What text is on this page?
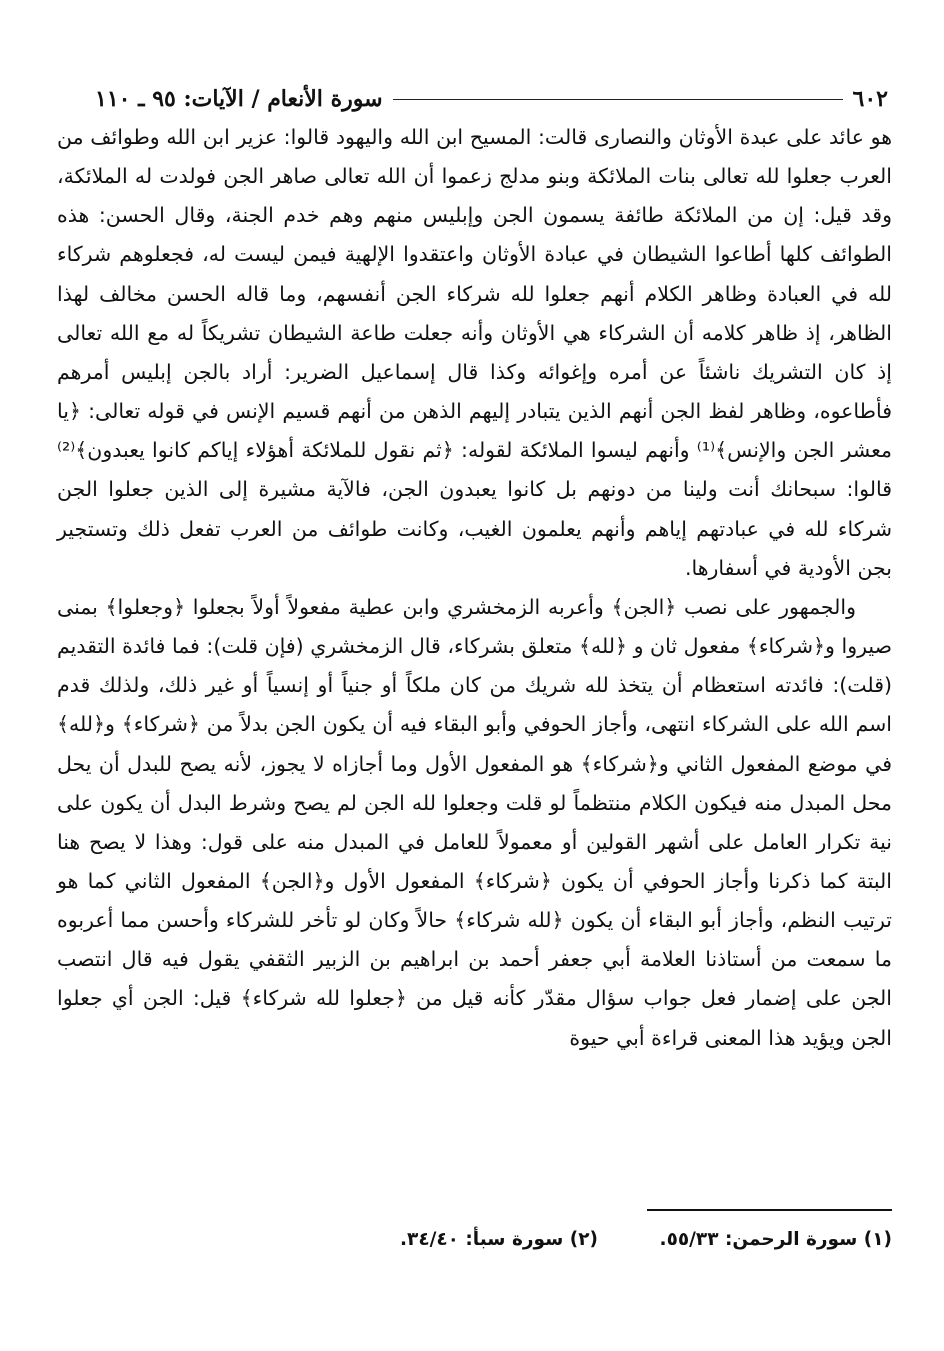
٦٠٢
سورة الأنعام / الآيات: ٩٥ ـ ١١٠

هو عائد على عبدة الأوثان والنصارى قالت: المسيح ابن الله واليهود قالوا: عزير ابن الله وطوائف من العرب جعلوا لله تعالى بنات الملائكة وبنو مدلج زعموا أن الله تعالى صاهر الجن فولدت له الملائكة، وقد قيل: إن من الملائكة طائفة يسمون الجن وإبليس منهم وهم خدم الجنة، وقال الحسن: هذه الطوائف كلها أطاعوا الشيطان في عبادة الأوثان واعتقدوا الإلهية فيمن ليست له، فجعلوهم شركاء لله في العبادة وظاهر الكلام أنهم جعلوا لله شركاء الجن أنفسهم، وما قاله الحسن مخالف لهذا الظاهر، إذ ظاهر كلامه أن الشركاء هي الأوثان وأنه جعلت طاعة الشيطان تشريكاً له مع الله تعالى إذ كان التشريك ناشئاً عن أمره وإغوائه وكذا قال إسماعيل الضرير: أراد بالجن إبليس أمرهم فأطاعوه، وظاهر لفظ الجن أنهم الذين يتبادر إليهم الذهن من أنهم قسيم الإنس في قوله تعالى: ﴿يا معشر الجن والإنس﴾⁽¹⁾ وأنهم ليسوا الملائكة لقوله: ﴿ثم نقول للملائكة أهؤلاء إياكم كانوا يعبدون﴾⁽²⁾ قالوا: سبحانك أنت ولينا من دونهم بل كانوا يعبدون الجن، فالآية مشيرة إلى الذين جعلوا الجن شركاء لله في عبادتهم إياهم وأنهم يعلمون الغيب، وكانت طوائف من العرب تفعل ذلك وتستجير بجن الأودية في أسفارها.

والجمهور على نصب ﴿الجن﴾ وأعربه الزمخشري وابن عطية مفعولاً أولاً بجعلوا ﴿وجعلوا﴾ بمنى صيروا و﴿شركاء﴾ مفعول ثان و ﴿لله﴾ متعلق بشركاء، قال الزمخشري (فإن قلت): فما فائدة التقديم (قلت): فائدته استعظام أن يتخذ لله شريك من كان ملكاً أو جنياً أو إنسياً أو غير ذلك، ولذلك قدم اسم الله على الشركاء انتهى، وأجاز الحوفي وأبو البقاء فيه أن يكون الجن بدلاً من ﴿شركاء﴾ و﴿لله﴾ في موضع المفعول الثاني و﴿شركاء﴾ هو المفعول الأول وما أجازاه لا يجوز، لأنه يصح للبدل أن يحل محل المبدل منه فيكون الكلام منتظماً لو قلت وجعلوا لله الجن لم يصح وشرط البدل أن يكون على نية تكرار العامل على أشهر القولين أو معمولاً للعامل في المبدل منه على قول: وهذا لا يصح هنا البتة كما ذكرنا وأجاز الحوفي أن يكون ﴿شركاء﴾ المفعول الأول و﴿الجن﴾ المفعول الثاني كما هو ترتيب النظم، وأجاز أبو البقاء أن يكون ﴿لله شركاء﴾ حالاً وكان لو تأخر للشركاء وأحسن مما أعربوه ما سمعت من أستاذنا العلامة أبي جعفر أحمد بن ابراهيم بن الزبير الثقفي يقول فيه قال انتصب الجن على إضمار فعل جواب سؤال مقدّر كأنه قيل من ﴿جعلوا لله شركاء﴾ قيل: الجن أي جعلوا الجن ويؤيد هذا المعنى قراءة أبي حيوة

(١) سورة الرحمن: ٥٥/٣٣.
(٢) سورة سبأ: ٣٤/٤٠.
